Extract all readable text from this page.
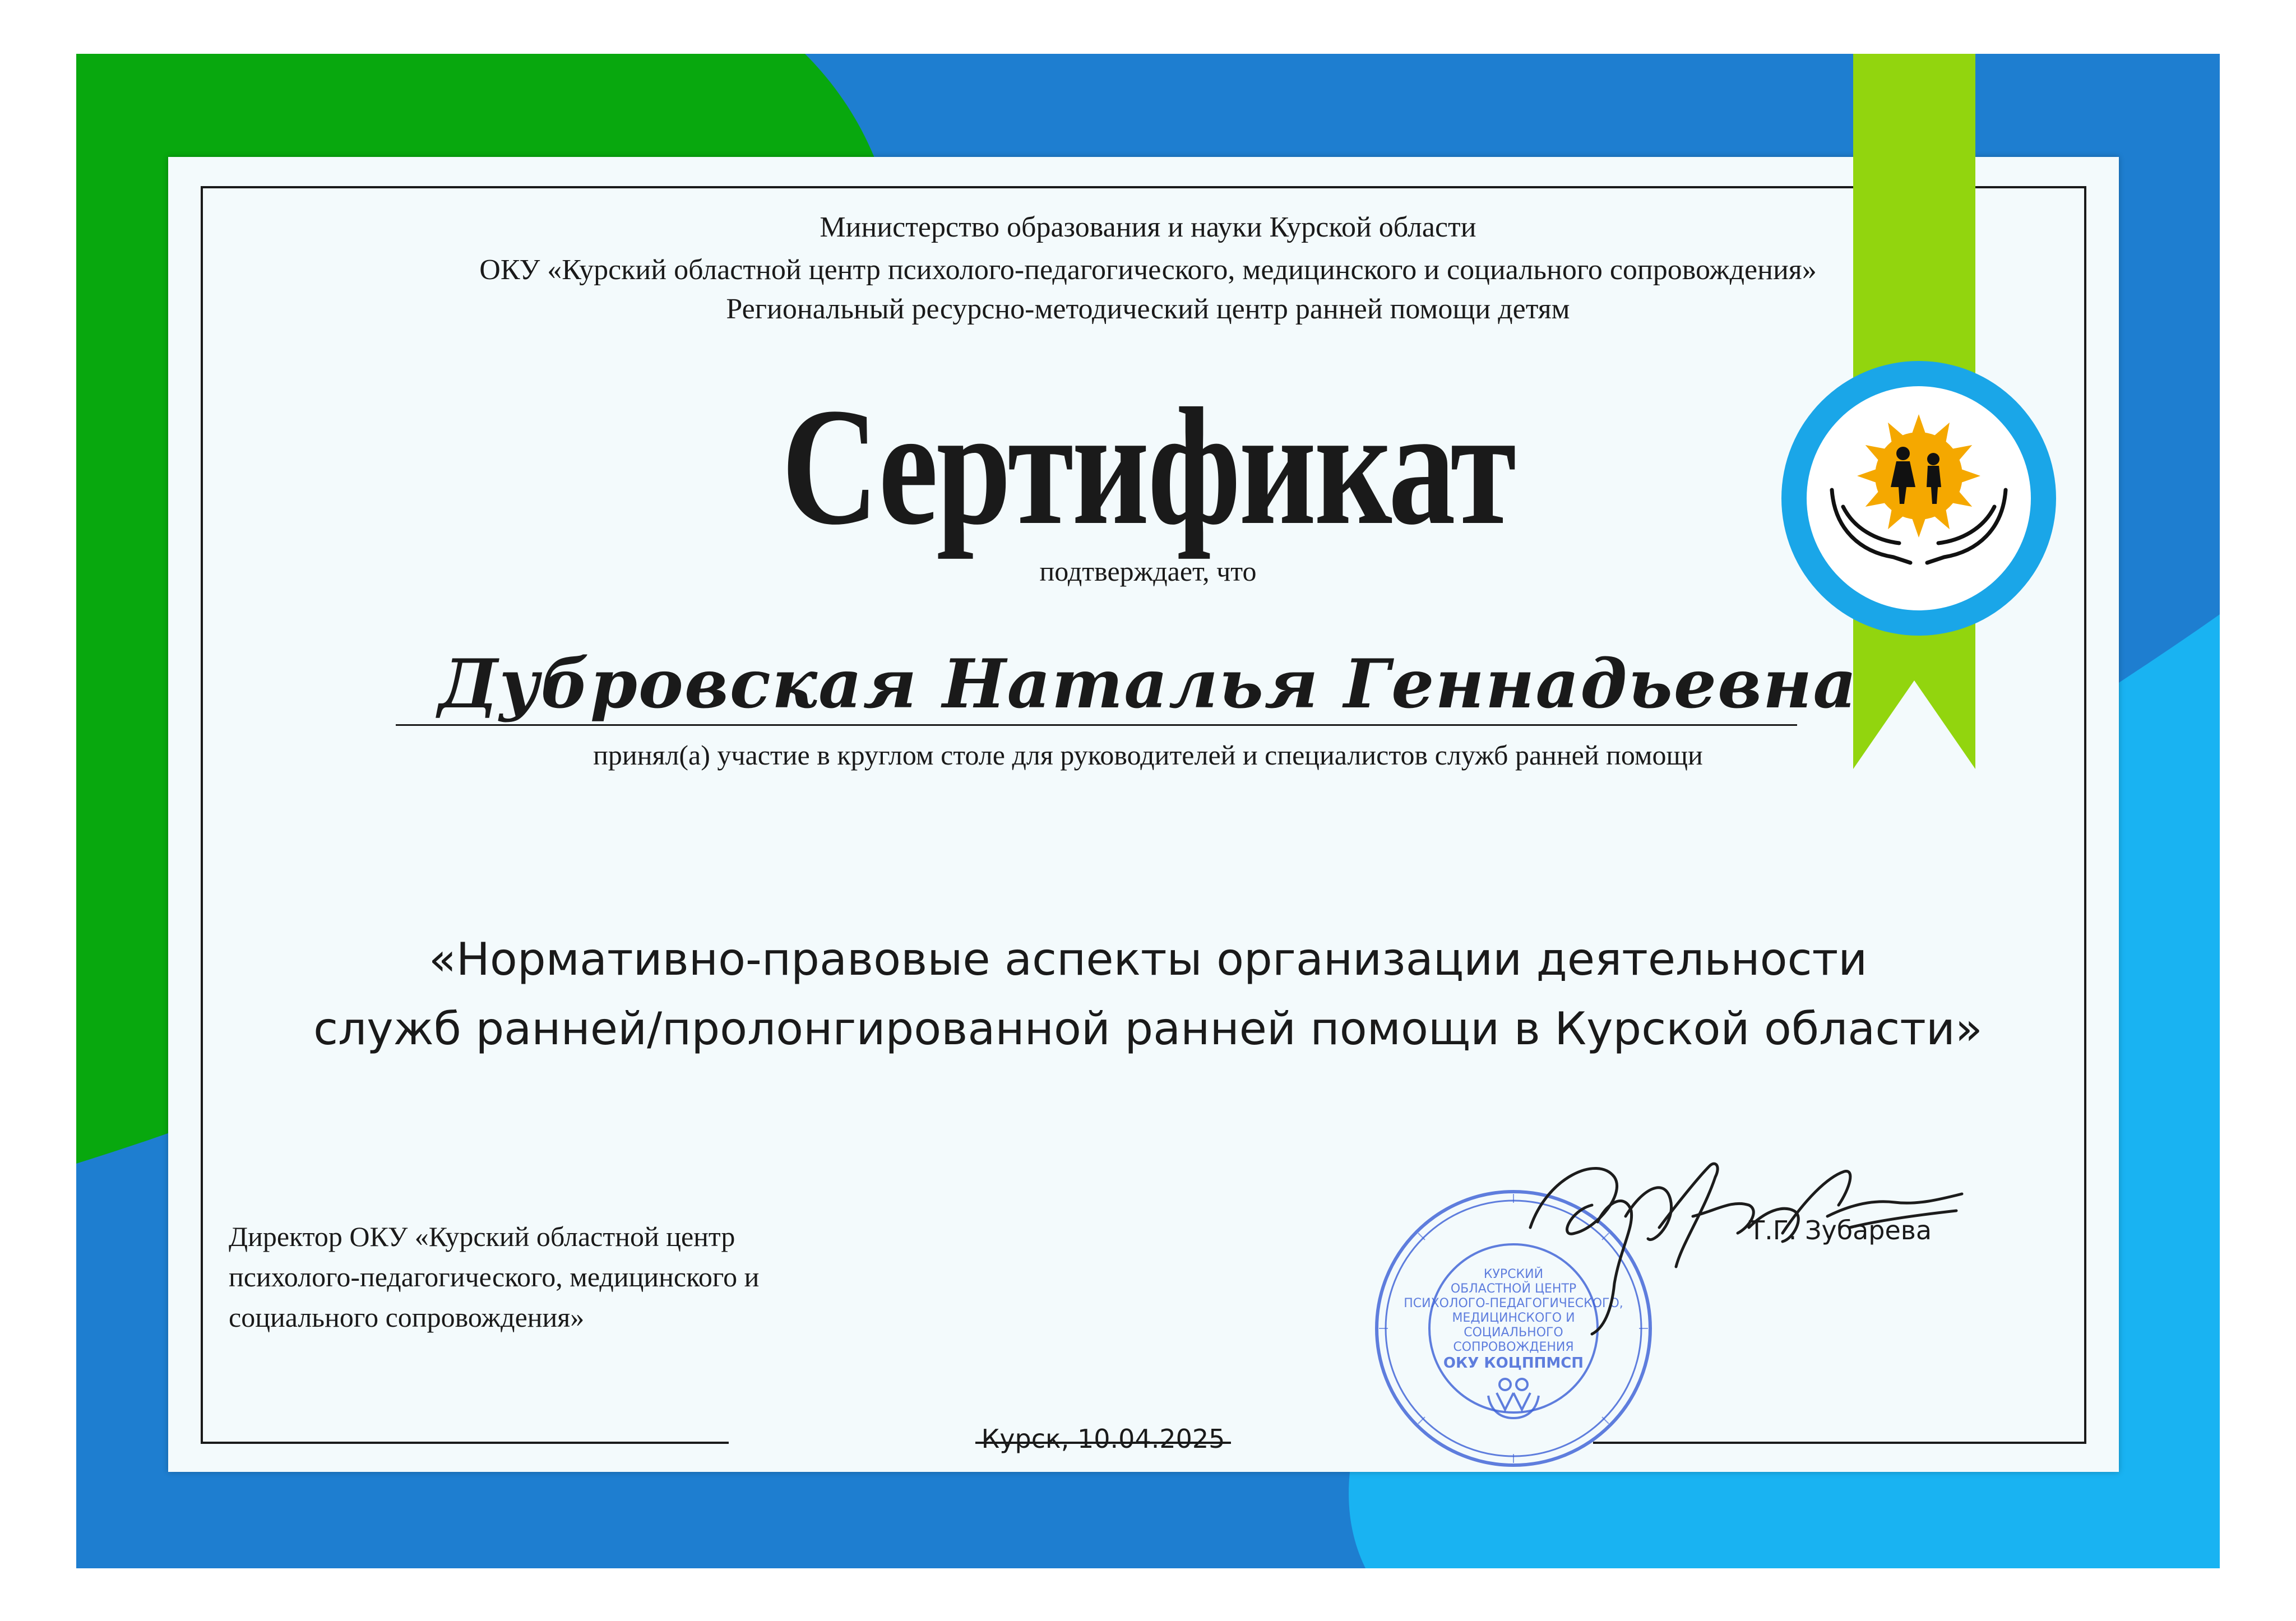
Министерство образования и науки Курской области
ОКУ «Курский областной центр психолого-педагогического, медицинского и социального сопровождения»
Региональный ресурсно-методический центр ранней помощи детям
Сертификат
подтверждает, что
Дубровская Наталья Геннадьевна
принял(а) участие в круглом столе для руководителей и специалистов служб ранней помощи
«Нормативно-правовые аспекты организации деятельности
служб ранней/пролонгированной ранней помощи в Курской области»
Директор ОКУ «Курский областной центр
психолого-педагогического, медицинского и
социального сопровождения»
Курск, 10.04.2025
КУРСКИЙ
ОБЛАСТНОЙ ЦЕНТР
ПСИХОЛОГО-ПЕДАГОГИЧЕСКОГО,
МЕДИЦИНСКОГО И
СОЦИАЛЬНОГО
СОПРОВОЖДЕНИЯ
ОКУ КОЦППМСП
Т.Г. Зубарева
